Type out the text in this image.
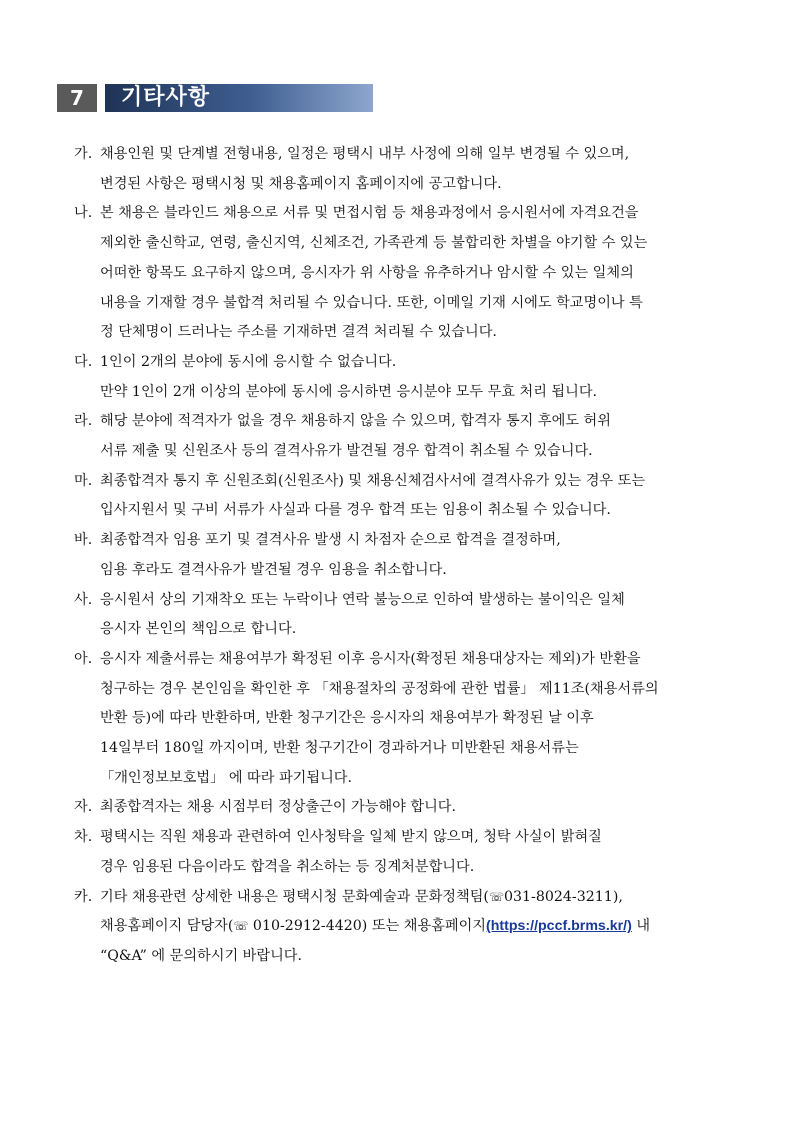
7	기타사항
가. 채용인원 및 단계별 전형내용, 일정은 평택시 내부 사정에 의해 일부 변경될 수 있으며,
변경된 사항은 평택시청 및 채용홈페이지 홈페이지에 공고합니다.
나. 본 채용은 블라인드 채용으로 서류 및 면접시험 등 채용과정에서 응시원서에 자격요건을
제외한 출신학교, 연령, 출신지역, 신체조건, 가족관계 등 불합리한 차별을 야기할 수 있는
어떠한 항목도 요구하지 않으며, 응시자가 위 사항을 유추하거나 암시할 수 있는 일체의
내용을 기재할 경우 불합격 처리될 수 있습니다. 또한, 이메일 기재 시에도 학교명이나 특
정 단체명이 드러나는 주소를 기재하면 결격 처리될 수 있습니다.
다. 1인이 2개의 분야에 동시에 응시할 수 없습니다.
만약 1인이 2개 이상의 분야에 동시에 응시하면 응시분야 모두 무효 처리 됩니다.
라. 해당 분야에 적격자가 없을 경우 채용하지 않을 수 있으며, 합격자 통지 후에도 허위
서류 제출 및 신원조사 등의 결격사유가 발견될 경우 합격이 취소될 수 있습니다.
마. 최종합격자 통지 후 신원조회(신원조사) 및 채용신체검사서에 결격사유가 있는 경우 또는
입사지원서 및 구비 서류가 사실과 다를 경우 합격 또는 임용이 취소될 수 있습니다.
바. 최종합격자 임용 포기 및 결격사유 발생 시 차점자 순으로 합격을 결정하며,
임용 후라도 결격사유가 발견될 경우 임용을 취소합니다.
사. 응시원서 상의 기재착오 또는 누락이나 연락 불능으로 인하여 발생하는 불이익은 일체
응시자 본인의 책임으로 합니다.
아. 응시자 제출서류는 채용여부가 확정된 이후 응시자(확정된 채용대상자는 제외)가 반환을
청구하는 경우 본인임을 확인한 후 「채용절차의 공정화에 관한 법률」 제11조(채용서류의
반환 등)에 따라 반환하며, 반환 청구기간은 응시자의 채용여부가 확정된 날 이후
14일부터 180일 까지이며, 반환 청구기간이 경과하거나 미반환된 채용서류는
「개인정보보호법」 에 따라 파기됩니다.
자. 최종합격자는 채용 시점부터 정상출근이 가능해야 합니다.
차. 평택시는 직원 채용과 관련하여 인사청탁을 일체 받지 않으며, 청탁 사실이 밝혀질
경우 임용된 다음이라도 합격을 취소하는 등 징계처분합니다.
카. 기타 채용관련 상세한 내용은 평택시청 문화예술과 문화정책팀(☏031-8024-3211),
채용홈페이지 담당자(☏ 010-2912-4420) 또는 채용홈페이지(https://pccf.brms.kr/) 내
“Q&A” 에 문의하시기 바랍니다.
